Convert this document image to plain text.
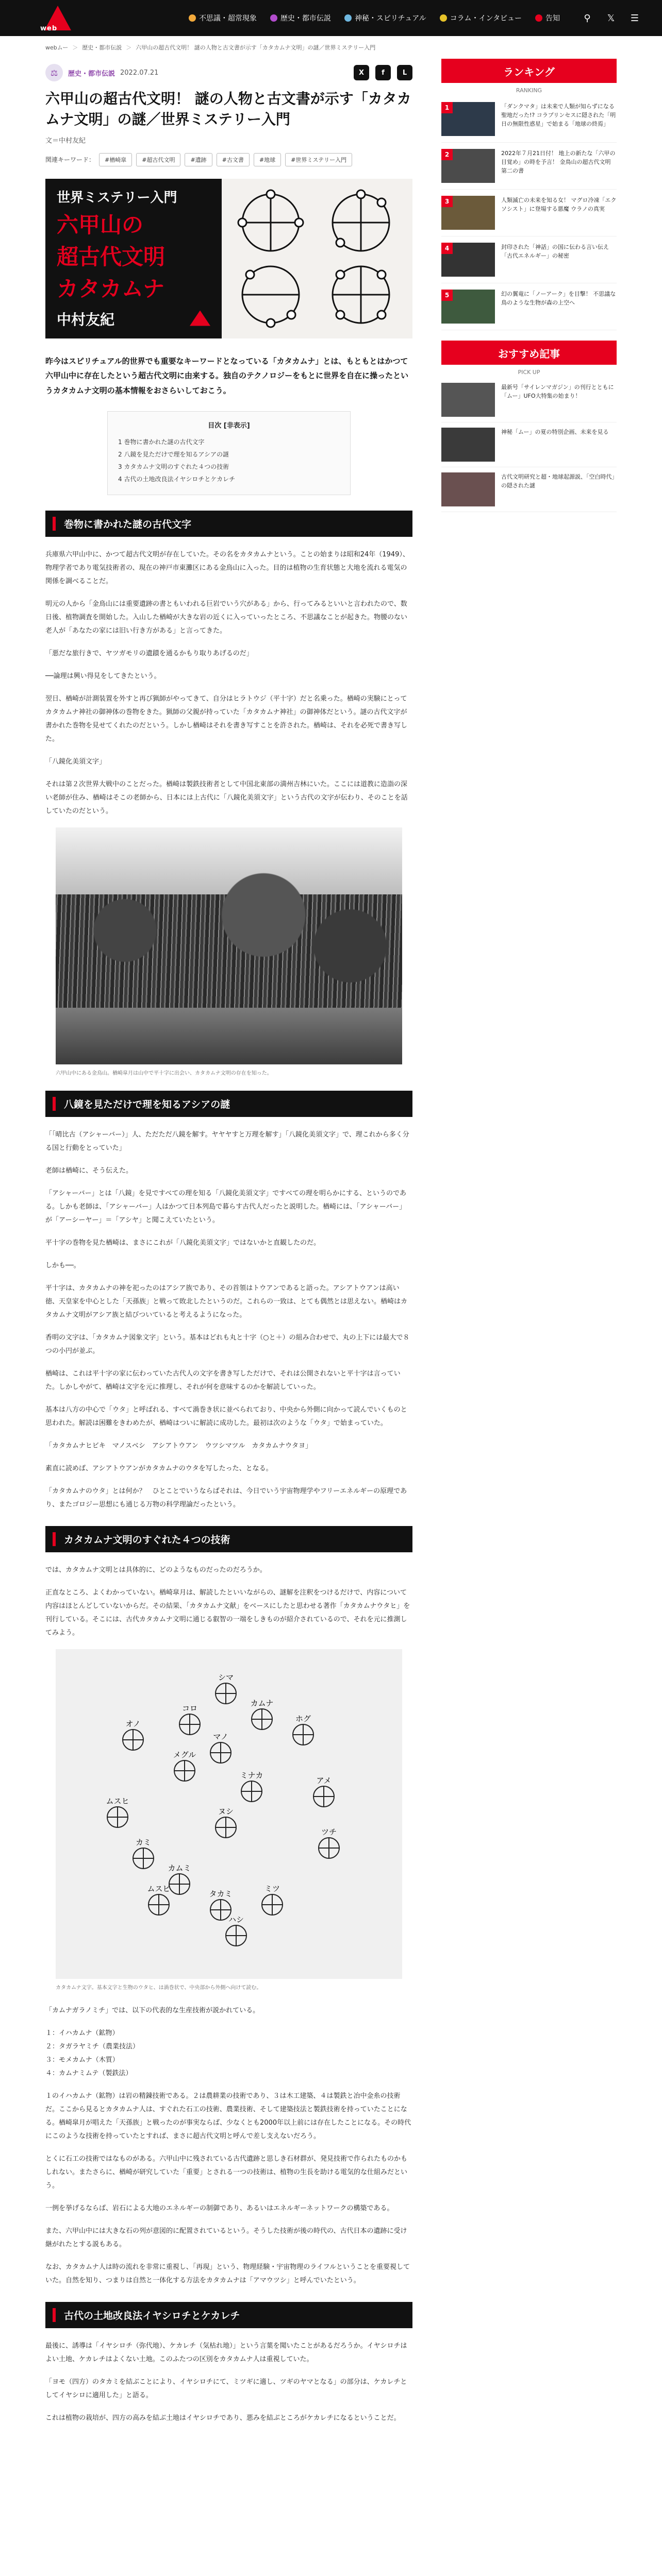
web
不思議・超常現象	歴史・都市伝説	神秘・スピリチュアル	コラム・インタビュー	告知	⚲	𝕏	☰
webムー ＞ 歴史・都市伝説 ＞ 六甲山の超古代文明！ 謎の人物と古文書が示す「カタカムナ文明」の謎／世界ミステリー入門
⚖	歴史・都市伝説 2022.07.21	X	f	L
六甲山の超古代文明！ 謎の人物と古文書が示す「カタカムナ文明」の謎／世界ミステリー入門
文＝中村友紀
関連キーワード：	#楢崎皐	#超古代文明	#遺跡	#古文書	#地球	#世界ミステリー入門
世界ミステリー入門
六甲山の
超古代文明
カタカムナ
中村友紀
昨今はスピリチュアル的世界でも重要なキーワードとなっている「カタカムナ」とは、もともとはかつて六甲山中に存在したという超古代文明に由来する。独自のテクノロジーをもとに世界を自在に操ったというカタカムナ文明の基本情報をおさらいしておこう。
目次 [非表示]
1 巻物に書かれた謎の古代文字
2 八鏡を見ただけで理を知るアシアの謎
3 カタカムナ文明のすぐれた４つの技術
4 古代の土地改良法イヤシロチとケカレチ
巻物に書かれた謎の古代文字

兵庫県六甲山中に、かつて超古代文明が存在していた。その名をカタカムナという。ことの始まりは昭和24年（1949）、物理学者であり電気技術者の、現在の神戸市東灘区にある金鳥山に入った。目的は植物の生育状態と大地を流れる電気の関係を調べることだ。

明元の人から「金鳥山には重要遺跡の書ともいわれる巨岩でいう穴がある」から、行ってみるといいと言われたので、数日後、植物調査を開始した。入山した楢崎が大きな岩の近くに入っていったところ、不思議なことが起きた。物腰のない老人が「あなたの家には旧い行き方がある」と言ってきた。

「悪だな旅行きで、ヤツガモリの遺蹟を通るかもり取りあげるのだ」

──論理は興い得見をしてきたという。

翌日、楢崎が計測装置を外すと再び猟師がやってきて、自分はヒラトウジ（平十字）だと名乗った。楢崎の実験にとってカタカムナ神社の御神体の巻物をきた。猟師の父親が持っていた「カタカムナ神社」の御神体だという。謎の古代文字が書かれた巻物を見せてくれたのだという。しかし楢崎はそれを書き写すことを許された。楢崎は、それを必死で書き写した。

「八鏡化美須文字」

それは第２次世界大戦中のことだった。楢崎は製鉄技術者として中国北東部の満州吉林にいた。ここには道教に造詣の深い老師が住み、楢崎はそこの老師から、日本には上古代に「八鏡化美須文字」という古代の文字が伝わり、そのことを話していたのだという。

六甲山中にある金鳥山。楢崎皐月は山中で平十字に出会い、カタカムナ文明の存在を知った。
八鏡を見ただけで理を知るアシアの謎

「「晴比古（アシャーバー）」人、ただただ八鏡を解す。ヤヤヤすと万理を解す」「八鏡化美須文字」で、理これから多く分る国と行動をとっていた」

老師は楢崎に、そう伝えた。

「アシャーバー」とは「八鏡」を見ですべての理を知る「八鏡化美須文字」ですべての理を明らかにする、というのである。しかも老師は、「アシャーバー」人はかつて日本列島で暮らす古代人だったと説明した。楢崎には、「アシャーバー」が「アーシーヤー」＝「アシヤ」と聞こえていたという。

平十字の巻物を見た楢崎は、まさにこれが「八鏡化美須文字」ではないかと直観したのだ。

しかも──。

平十字は、カタカムナの神を祀ったのはアシア族であり、その首領はトウアンであると語った。アシアトウアンは高い徳、天皇家を中心とした「天孫族」と戦って敗北したというのだ。これらの一致は、とても偶然とは思えない。楢崎はカタカムナ文明がアシア族と結びついていると考えるようになった。

香明の文字は、「カタカムナ図象文字」という。基本はどれも丸と十字（○と＋）の組み合わせで、丸の上下には最大で８つの小円が並ぶ。

楢崎は、これは平十字の家に伝わっていた古代人の文字を書き写しただけで、それは公開されないと平十字は言っていた。しかしやがて、楢崎は文字を元に推理し、それが何を意味するのかを解読していった。

基本は八方の中心で「ウタ」と呼ばれる、すべて渦巻き状に並べられており、中央から外側に向かって読んでいくものと思われた。解読は困難をきわめたが、楢崎はついに解読に成功した。最初は次のような「ウタ」で始まっていた。

「カタカムナヒビキ　マノスベシ　アシアトウアン　ウツシマツル　カタカムナウタヨ」

素直に読めば、アシアトウアンがカタカムナのウタを写したった、となる。

「カタカムナのウタ」とは何か？　ひとことでいうならばそれは、今日でいう宇宙物理学やフリーエネルギーの原理であり、またゴロジー思想にも通じる万物の科学理論だったという。

カタカムナ文明のすぐれた４つの技術

では、カタカムナ文明とは具体的に、どのようなものだったのだろうか。

正直なところ、よくわかっていない。楢崎皐月は、解読したといいながらの、謎解を注釈をつけるだけで、内容について内容はほとんどしていないからだ。その結果、「カタカムナ文献」をベースにしたと思わせる著作「カタカムナウタヒ」を刊行している。そこには、古代カタカムナ文明に通じる叡智の一端をしきものが紹介されているので、それを元に推測してみよう。

シマ
カムナ
コロ
マノ
ホグ
オノ
メグル
ミナカ
アメ
ムスヒ
ヌシ
ツチ
カミ
カムミ
ムスビ
タカミ
ハシ
ミツ
カタカムナ文字。基本文字と生物のウタヒ、は渦巻状で、中央部から外側へ向けて読む。

「カムナガラノミチ」では、以下の代表的な生産技術が説かれている。

１：イハカムナ（鉱物）

２：タガラヤミチ（農業技法）

３：モメカムナ（木質）

４：カムナミムテ（製鉄法）

１のイハカムナ（鉱物）は岩の精錬技術である。２は農耕業の技術であり、３は木工建築、４は製鉄と冶中金糸の技術だ。ここから見るとカタカムナ人は、すぐれた石工の技術、農業技術、そして建築技法と製鉄技術を持っていたことになる。楢崎皐月が唱えた「天孫族」と戦ったのが事実ならば、少なくとも2000年以上前には存在したことになる。その時代にこのような技術を持っていたとすれば、まさに超古代文明と呼んで差し支えないだろう。

とくに石工の技術ではなものがある。六甲山中に残されている古代遺跡と思しき石材群が、発見技術で作られたものかもしれない。またさらに、楢崎が研究していた「重要」とされる一つの技術は、植物の生長を助ける電気的な仕組みだという。

一例を挙げるならば、岩石による大地のエネルギーの制御であり、あるいはエネルギーネットワークの構築である。

また、六甲山中には大きな石の列が意図的に配置されているという。そうした技術が後の時代の、古代日本の遺跡に受け継がれたとする説もある。

なお、カタカムナ人は時の流れを非常に重視し、「再現」という、物理経験・宇宙物理のライフルということを重要視していた。自然を知り、つまりは自然と一体化する方法をカタカムナは「アマウツシ」と呼んでいたという。

古代の土地改良法イヤシロチとケカレチ

最後に、誘導は「イヤシロチ（弥代地）、ケカレチ（気枯れ地）」という言葉を聞いたことがあるだろうか。イヤシロチはよい土地、ケカレチはよくない土地。このふたつの区別をカタカムナ人は重視していた。

「ヨモ（四方）のタカミを結ぶことにより、イヤシロチにて、ミツギに適し、ツギのヤマとなる」の部分は、ケカレチとしてイヤシロに適用した」と語る。

これは植物の栽培が、四方の高みを結ぶ土地はイヤシロチであり、悪みを結ぶところがケカレチになるということだ。

ランキング
RANKING
1	「ダンクマタ」は未来で人類が知らずになる聖地だった!? コラプリンセスに隠された「明日の無限性惑星」で始まる「地球の終焉」
2	2022年７月21日付！ 地上の新たな「六甲の目覚め」の時を予言！ 金鳥山の超古代文明 第二の書
3	人類滅亡の未来を知る女！ マグロ冷凍「エクソシスト」に登場する悪魔 ウラノの真実
4	封印された「神話」の国に伝わる言い伝え「古代エネルギー」の秘密
5	幻の翼竜に「ノーアーク」を目撃！ 不思議な鳥のような生物が森の上空へ
おすすめ記事
PICK UP
最新号「サイレンマガジン」の刊行とともに「ムー」UFO大特集の始まり！
神秘「ムー」の夏の特別企画、未来を見る
古代文明研究と超・地球起源説、「空白時代」の隠された謎
